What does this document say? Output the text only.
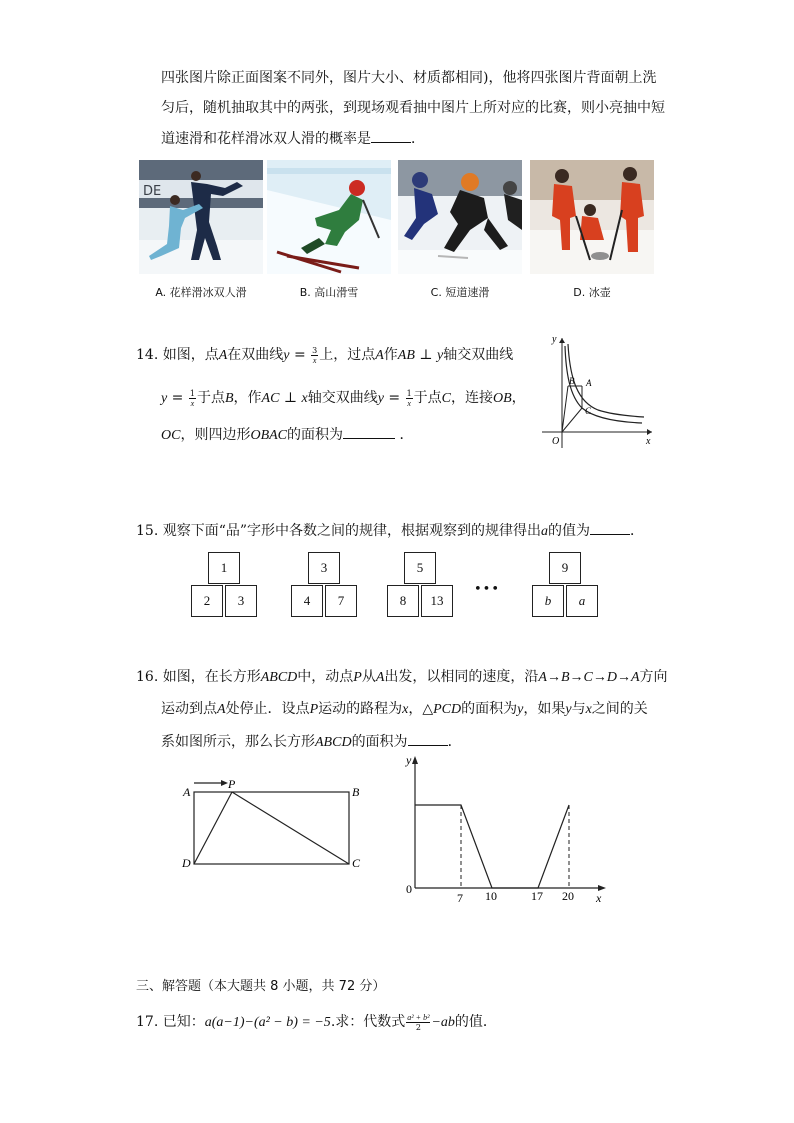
四张图片除正面图案不同外，图片大小、材质都相同)，他将四张图片背面朝上洗
匀后，随机抽取其中的两张，到现场观看抽中图片上所对应的比赛，则小亮抽中短
道速滑和花样滑冰双人滑的概率是	．
DE
A. 花样滑冰双人滑	B. 高山滑雪	C. 短道速滑	D. 冰壶
14. 如图，点A在双曲线$y = \frac{3}{x}$ 上，过点A作AB ⊥ y轴交双曲线
$y = \frac{1}{x}$ 于点B，作AC ⊥ x轴交双曲线$y = \frac{1}{x}$ 于点C，连接OB，
OC，则四边形OBAC的面积为	．
y
x
O
A
B
C
15. 观察下面“品”字形中各数之间的规律，根据观察到的规律得出a的值为	．
1
2	3
3
4	7
5
8	13
•••
9
b	a
16. 如图，在长方形ABCD中，动点P从A出发，以相同的速度，沿A→B→C→D→A方向
运动到点A处停止．设点P运动的路程为x，△PCD的面积为y，如果y与x之间的关
系如图所示，那么长方形ABCD的面积为	．
A
P
B
C
D
y
x
0
7 10	17 20
三、解答题（本大题共 8 小题，共 72 分）
17. 已知：a(a−1)−(a² − b) = −5.求：代数式 $\frac{\text{a² + b²}}{2} -ab$的值．
